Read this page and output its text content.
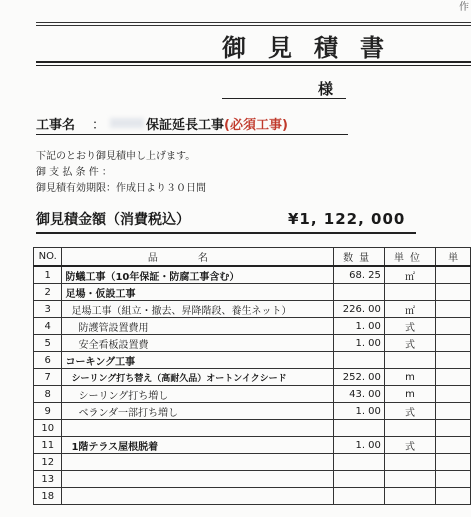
作
御見積書
様
工事名 ：	保証延長工事(必須工事)
下記のとおり御見積申し上げます。
御 支 払 条 件 ：
御見積有効期限：作成日より３０日間
御見積金額（消費税込）	¥1, 122, 000
NO.	品名	数量	単位	単
1	防蟻工事（10年保証・防腐工事含む）	68. 25	㎡	
2	足場・仮設工事			
3	足場工事（組立・撤去、昇降階段、養生ネット）	226. 00	㎡	
4	防護管設置費用	1. 00	式	
5	安全看板設置費	1. 00	式	
6	コーキング工事			
7	シーリング打ち替え（高耐久品）オートンイクシード	252. 00	m	
8	シーリング打ち増し	43. 00	m	
9	ベランダ一部打ち増し	1. 00	式	
10				
11	1階テラス屋根脱着	1. 00	式	
12				
13				
18				
